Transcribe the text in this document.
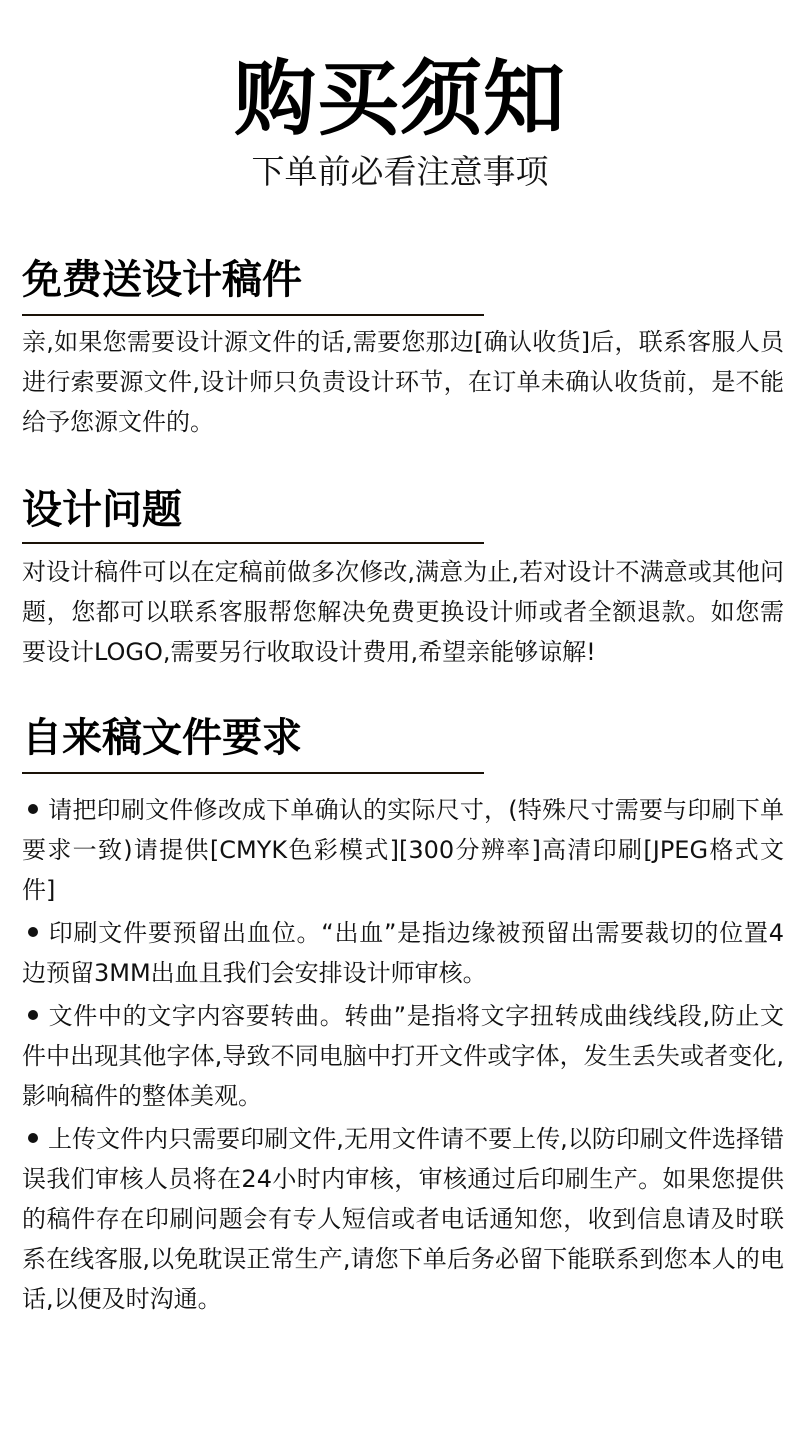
购买须知
下单前必看注意事项
免费送设计稿件

亲,如果您需要设计源文件的话,需要您那边[确认收货]后，联系客服人员进行索要源文件,设计师只负责设计环节，在订单未确认收货前，是不能给予您源文件的。

设计问题

对设计稿件可以在定稿前做多次修改,满意为止,若对设计不满意或其他问题，您都可以联系客服帮您解决免费更换设计师或者全额退款。如您需要设计LOGO,需要另行收取设计费用,希望亲能够谅解!

自来稿文件要求
请把印刷文件修改成下单确认的实际尺寸，(特殊尺寸需要与印刷下单要求一致)请提供[CMYK色彩模式][300分辨率]高清印刷[JPEG格式文件]
印刷文件要预留出血位。“出血”是指边缘被预留出需要裁切的位置4边预留3MM出血且我们会安排设计师审核。
文件中的文字内容要转曲。转曲”是指将文字扭转成曲线线段,防止文件中出现其他字体,导致不同电脑中打开文件或字体，发生丢失或者变化,影响稿件的整体美观。
上传文件内只需要印刷文件,无用文件请不要上传,以防印刷文件选择错误我们审核人员将在24小时内审核，审核通过后印刷生产。如果您提供的稿件存在印刷问题会有专人短信或者电话通知您，收到信息请及时联系在线客服,以免耽误正常生产,请您下单后务必留下能联系到您本人的电话,以便及时沟通。
